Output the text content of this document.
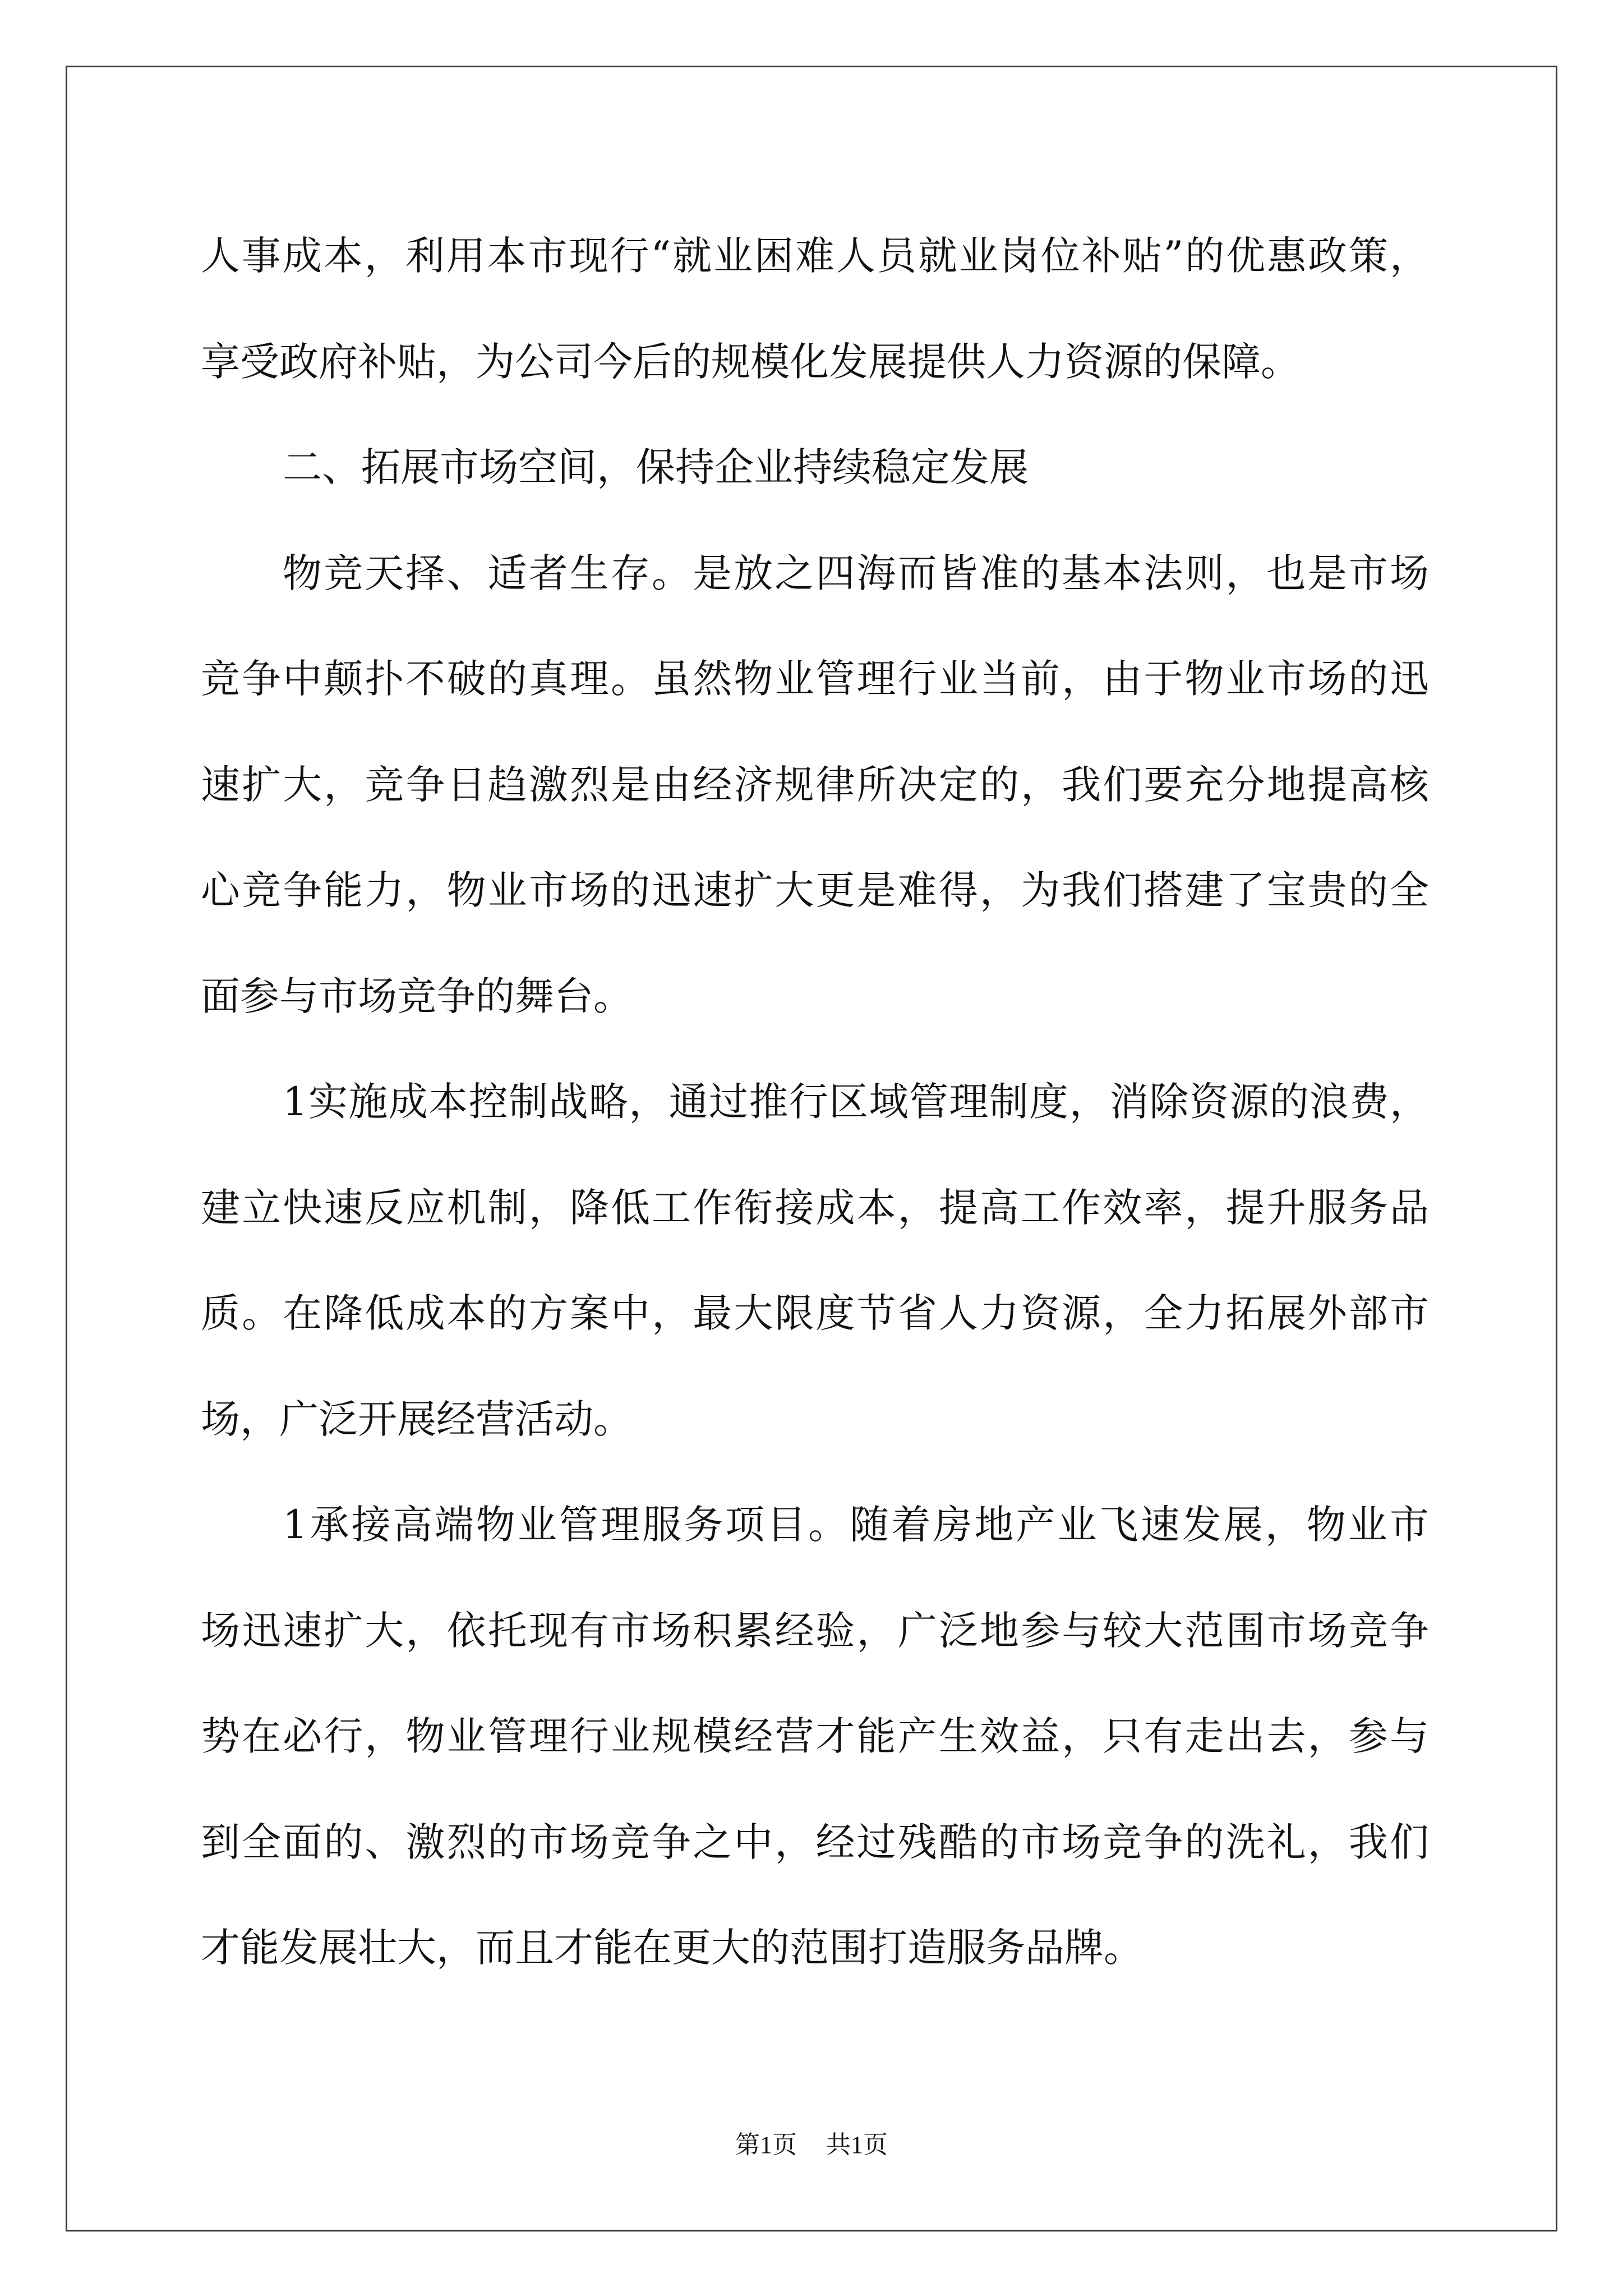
人事成本，利用本市现行“就业困难人员就业岗位补贴”的优惠政策，
享受政府补贴，为公司今后的规模化发展提供人力资源的保障。
二、拓展市场空间，保持企业持续稳定发展
物竞天择、适者生存。是放之四海而皆准的基本法则，也是市场
竞争中颠扑不破的真理。虽然物业管理行业当前，由于物业市场的迅
速扩大，竞争日趋激烈是由经济规律所决定的，我们要充分地提高核
心竞争能力，物业市场的迅速扩大更是难得，为我们搭建了宝贵的全
面参与市场竞争的舞台。
1实施成本控制战略，通过推行区域管理制度，消除资源的浪费，
建立快速反应机制，降低工作衔接成本，提高工作效率，提升服务品
质。在降低成本的方案中，最大限度节省人力资源，全力拓展外部市
场，广泛开展经营活动。
1承接高端物业管理服务项目。随着房地产业飞速发展，物业市
场迅速扩大，依托现有市场积累经验，广泛地参与较大范围市场竞争
势在必行，物业管理行业规模经营才能产生效益，只有走出去，参与
到全面的、激烈的市场竞争之中，经过残酷的市场竞争的洗礼，我们
才能发展壮大，而且才能在更大的范围打造服务品牌。
第1页 共1页
